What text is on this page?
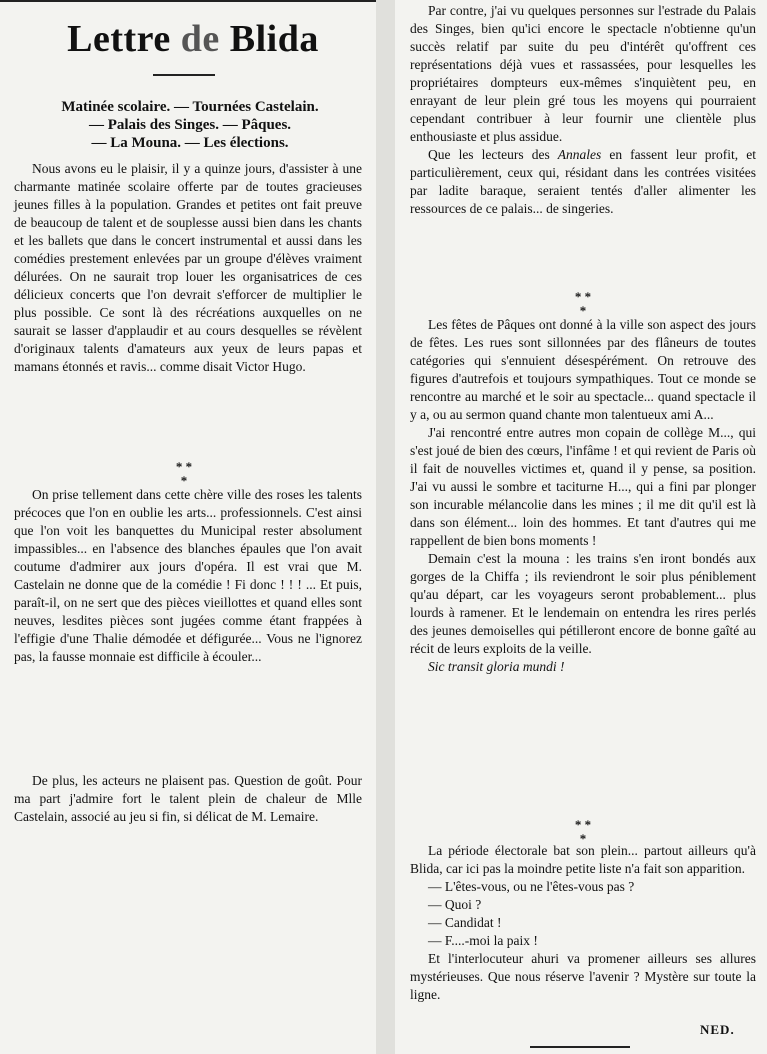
Lettre de Blida
Matinée scolaire. — Tournées Castelain.
— Palais des Singes. — Pâques.
— La Mouna. — Les élections.

Nous avons eu le plaisir, il y a quinze jours, d'assister à une charmante matinée scolaire offerte par de toutes gracieuses jeunes filles à la population. Grandes et petites ont fait preuve de beaucoup de talent et de souplesse aussi bien dans les chants et les ballets que dans le concert instrumental et aussi dans les comédies prestement enlevées par un groupe d'élèves vraiment délurées. On ne saurait trop louer les organisatrices de ces délicieux concerts que l'on devrait s'efforcer de multiplier le plus possible. Ce sont là des récréations auxquelles on ne saurait se lasser d'applaudir et au cours desquelles se révèlent d'originaux talents d'amateurs aux yeux de leurs papas et mamans étonnés et ravis... comme disait Victor Hugo.

* *
*

On prise tellement dans cette chère ville des roses les talents précoces que l'on en oublie les arts... professionnels. C'est ainsi que l'on voit les banquettes du Municipal rester absolument impassibles... en l'absence des blanches épaules que l'on avait coutume d'admirer aux jours d'opéra. Il est vrai que M. Castelain ne donne que de la comédie ! Fi donc ! ! ! ... Et puis, paraît-il, on ne sert que des pièces vieillottes et quand elles sont neuves, lesdites pièces sont jugées comme étant frappées à l'effigie d'une Thalie démodée et défigurée... Vous ne l'ignorez pas, la fausse monnaie est difficile à écouler...

De plus, les acteurs ne plaisent pas. Question de goût. Pour ma part j'admire fort le talent plein de chaleur de Mlle Castelain, associé au jeu si fin, si délicat de M. Lemaire.

Par contre, j'ai vu quelques personnes sur l'estrade du Palais des Singes, bien qu'ici encore le spectacle n'obtienne qu'un succès relatif par suite du peu d'intérêt qu'offrent ces représentations déjà vues et rassassées, pour lesquelles les propriétaires dompteurs eux-mêmes s'inquiètent peu, en enrayant de leur plein gré tous les moyens qui pourraient cependant contribuer à leur fournir une clientèle plus enthousiaste et plus assidue.

Que les lecteurs des Annales en fassent leur profit, et particulièrement, ceux qui, résidant dans les contrées visitées par ladite baraque, seraient tentés d'aller alimenter les ressources de ce palais... de singeries.

* *
*

Les fêtes de Pâques ont donné à la ville son aspect des jours de fêtes. Les rues sont sillonnées par des flâneurs de toutes catégories qui s'ennuient désespérément. On retrouve des figures d'autrefois et toujours sympathiques. Tout ce monde se rencontre au marché et le soir au spectacle... quand spectacle il y a, ou au sermon quand chante mon talentueux ami A...

J'ai rencontré entre autres mon copain de collège M..., qui s'est joué de bien des cœurs, l'infâme ! et qui revient de Paris où il fait de nouvelles victimes et, quand il y pense, sa position. J'ai vu aussi le sombre et taciturne H..., qui a fini par plonger son incurable mélancolie dans les mines ; il me dit qu'il est là dans son élément... loin des hommes. Et tant d'autres qui me rappellent de bien bons moments !

Demain c'est la mouna : les trains s'en iront bondés aux gorges de la Chiffa ; ils reviendront le soir plus péniblement qu'au départ, car les voyageurs seront probablement... plus lourds à ramener. Et le lendemain on entendra les rires perlés des jeunes demoiselles qui pétilleront encore de bonne gaîté au récit de leurs exploits de la veille.

Sic transit gloria mundi !

* *
*

La période électorale bat son plein... partout ailleurs qu'à Blida, car ici pas la moindre petite liste n'a fait son apparition.

— L'êtes-vous, ou ne l'êtes-vous pas ?

— Quoi ?

— Candidat !

— F....-moi la paix !

Et l'interlocuteur ahuri va promener ailleurs ses allures mystérieuses. Que nous réserve l'avenir ? Mystère sur toute la ligne.

NED.
